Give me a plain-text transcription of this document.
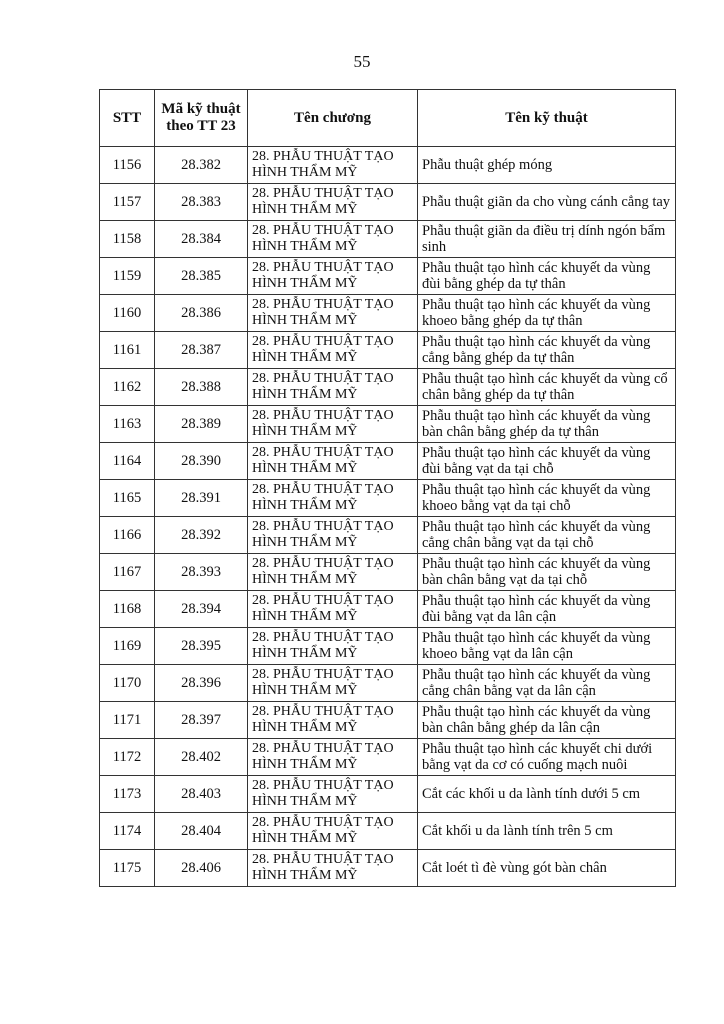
55
STT	Mã kỹ thuật theo TT 23	Tên chương	Tên kỹ thuật
1156	28.382	28. PHẪU THUẬT TẠO HÌNH THẨM MỸ	Phẫu thuật ghép móng
1157	28.383	28. PHẪU THUẬT TẠO HÌNH THẨM MỸ	Phẫu thuật giãn da cho vùng cánh cẳng tay
1158	28.384	28. PHẪU THUẬT TẠO HÌNH THẨM MỸ	Phẫu thuật giãn da điều trị dính ngón bẩm sinh
1159	28.385	28. PHẪU THUẬT TẠO HÌNH THẨM MỸ	Phẫu thuật tạo hình các khuyết da vùng đùi bằng ghép da tự thân
1160	28.386	28. PHẪU THUẬT TẠO HÌNH THẨM MỸ	Phẫu thuật tạo hình các khuyết da vùng khoeo bằng ghép da tự thân
1161	28.387	28. PHẪU THUẬT TẠO HÌNH THẨM MỸ	Phẫu thuật tạo hình các khuyết da vùng cẳng bằng ghép da tự thân
1162	28.388	28. PHẪU THUẬT TẠO HÌNH THẨM MỸ	Phẫu thuật tạo hình các khuyết da vùng cổ chân bằng ghép da tự thân
1163	28.389	28. PHẪU THUẬT TẠO HÌNH THẨM MỸ	Phẫu thuật tạo hình các khuyết da vùng bàn chân bằng ghép da tự thân
1164	28.390	28. PHẪU THUẬT TẠO HÌNH THẨM MỸ	Phẫu thuật tạo hình các khuyết da vùng đùi bằng vạt da tại chỗ
1165	28.391	28. PHẪU THUẬT TẠO HÌNH THẨM MỸ	Phẫu thuật tạo hình các khuyết da vùng khoeo bằng vạt da tại chỗ
1166	28.392	28. PHẪU THUẬT TẠO HÌNH THẨM MỸ	Phẫu thuật tạo hình các khuyết da vùng cẳng chân bằng vạt da tại chỗ
1167	28.393	28. PHẪU THUẬT TẠO HÌNH THẨM MỸ	Phẫu thuật tạo hình các khuyết da vùng bàn chân bằng vạt da tại chỗ
1168	28.394	28. PHẪU THUẬT TẠO HÌNH THẨM MỸ	Phẫu thuật tạo hình các khuyết da vùng đùi bằng vạt da lân cận
1169	28.395	28. PHẪU THUẬT TẠO HÌNH THẨM MỸ	Phẫu thuật tạo hình các khuyết da vùng khoeo bằng vạt da lân cận
1170	28.396	28. PHẪU THUẬT TẠO HÌNH THẨM MỸ	Phẫu thuật tạo hình các khuyết da vùng cẳng chân bằng vạt da lân cận
1171	28.397	28. PHẪU THUẬT TẠO HÌNH THẨM MỸ	Phẫu thuật tạo hình các khuyết da vùng bàn chân bằng ghép da lân cận
1172	28.402	28. PHẪU THUẬT TẠO HÌNH THẨM MỸ	Phẫu thuật tạo hình các khuyết chi dưới bằng vạt da cơ có cuống mạch nuôi
1173	28.403	28. PHẪU THUẬT TẠO HÌNH THẨM MỸ	Cắt các khối u da lành tính dưới 5 cm
1174	28.404	28. PHẪU THUẬT TẠO HÌNH THẨM MỸ	Cắt khối u da lành tính trên 5 cm
1175	28.406	28. PHẪU THUẬT TẠO HÌNH THẨM MỸ	Cắt loét tì đè vùng gót bàn chân
